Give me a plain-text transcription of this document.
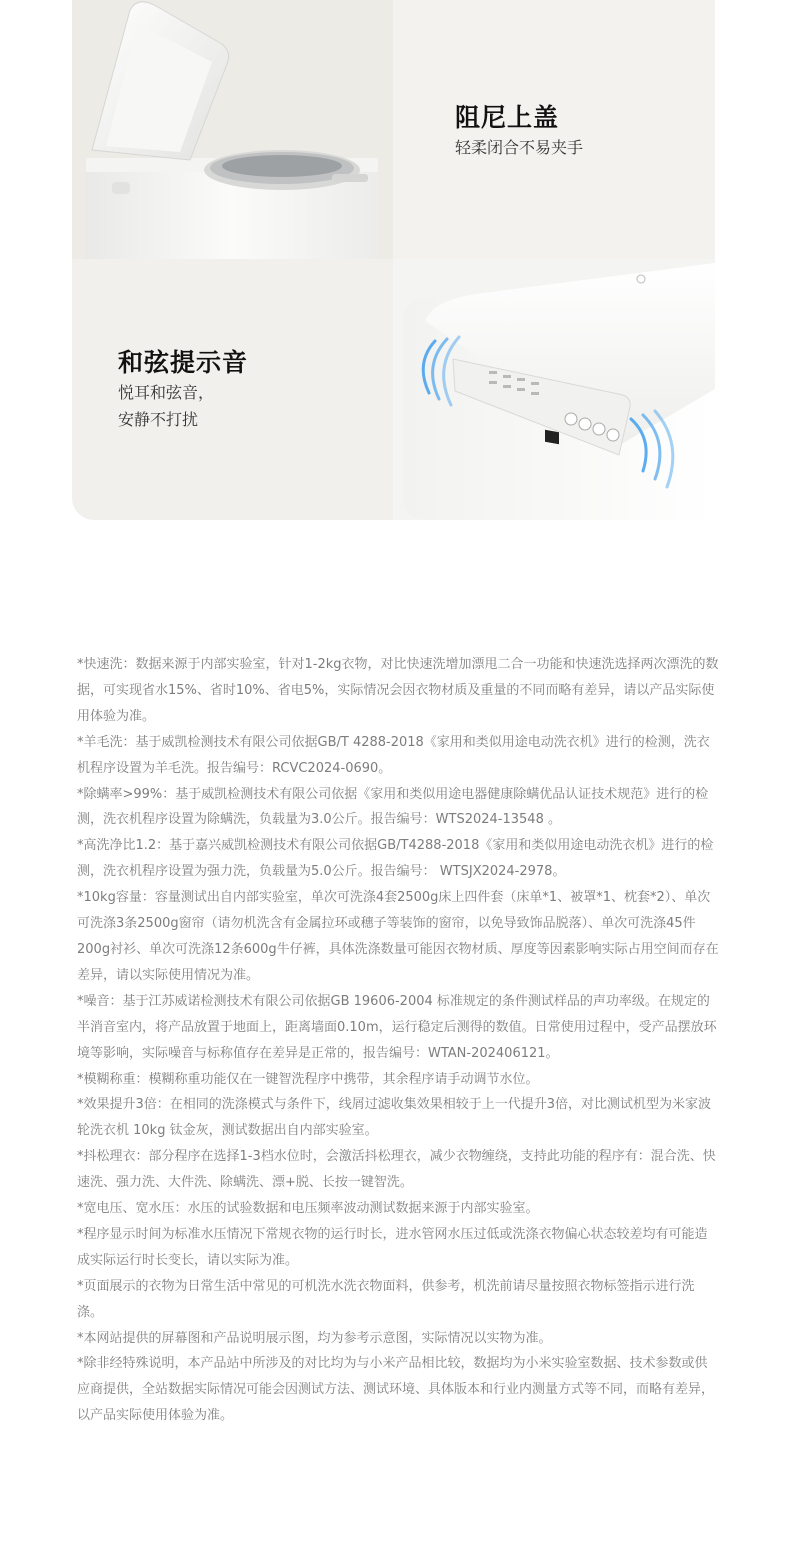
阻尼上盖

轻柔闭合不易夹手

和弦提示音

悦耳和弦音，

安静不打扰

*快速洗：数据来源于内部实验室，针对1-2kg衣物，对比快速洗增加漂甩二合一功能和快速洗选择两次漂洗的数据，可实现省水15%、省时10%、省电5%，实际情况会因衣物材质及重量的不同而略有差异，请以产品实际使用体验为准。

*羊毛洗：基于威凯检测技术有限公司依据GB/T 4288-2018《家用和类似用途电动洗衣机》进行的检测，洗衣机程序设置为羊毛洗。报告编号：RCVC2024-0690。

*除螨率>99%：基于威凯检测技术有限公司依据《家用和类似用途电器健康除螨优品认证技术规范》进行的检测，洗衣机程序设置为除螨洗，负载量为3.0公斤。报告编号：WTS2024-13548 。

*高洗净比1.2：基于嘉兴威凯检测技术有限公司依据GB/T4288-2018《家用和类似用途电动洗衣机》进行的检测，洗衣机程序设置为强力洗，负载量为5.0公斤。报告编号： WTSJX2024-2978。

*10kg容量：容量测试出自内部实验室，单次可洗涤4套2500g床上四件套（床单*1、被罩*1、枕套*2）、单次可洗涤3条2500g窗帘（请勿机洗含有金属拉环或穗子等装饰的窗帘，以免导致饰品脱落）、单次可洗涤45件200g衬衫、单次可洗涤12条600g牛仔裤，具体洗涤数量可能因衣物材质、厚度等因素影响实际占用空间而存在差异，请以实际使用情况为准。

*噪音：基于江苏威诺检测技术有限公司依据GB 19606-2004 标准规定的条件测试样品的声功率级。在规定的半消音室内，将产品放置于地面上，距离墙面0.10m，运行稳定后测得的数值。日常使用过程中，受产品摆放环境等影响，实际噪音与标称值存在差异是正常的，报告编号：WTAN-202406121。

*模糊称重：模糊称重功能仅在一键智洗程序中携带，其余程序请手动调节水位。

*效果提升3倍：在相同的洗涤模式与条件下，线屑过滤收集效果相较于上一代提升3倍，对比测试机型为米家波轮洗衣机 10kg 钛金灰，测试数据出自内部实验室。

*抖松理衣：部分程序在选择1-3档水位时，会激活抖松理衣，减少衣物缠绕，支持此功能的程序有：混合洗、快速洗、强力洗、大件洗、除螨洗、漂+脱、长按一键智洗。

*宽电压、宽水压：水压的试验数据和电压频率波动测试数据来源于内部实验室。

*程序显示时间为标准水压情况下常规衣物的运行时长，进水管网水压过低或洗涤衣物偏心状态较差均有可能造成实际运行时长变长，请以实际为准。

*页面展示的衣物为日常生活中常见的可机洗水洗衣物面料，供参考，机洗前请尽量按照衣物标签指示进行洗涤。

*本网站提供的屏幕图和产品说明展示图，均为参考示意图，实际情况以实物为准。

*除非经特殊说明，本产品站中所涉及的对比均为与小米产品相比较，数据均为小米实验室数据、技术参数或供应商提供，全站数据实际情况可能会因测试方法、测试环境、具体版本和行业内测量方式等不同，而略有差异，以产品实际使用体验为准。
